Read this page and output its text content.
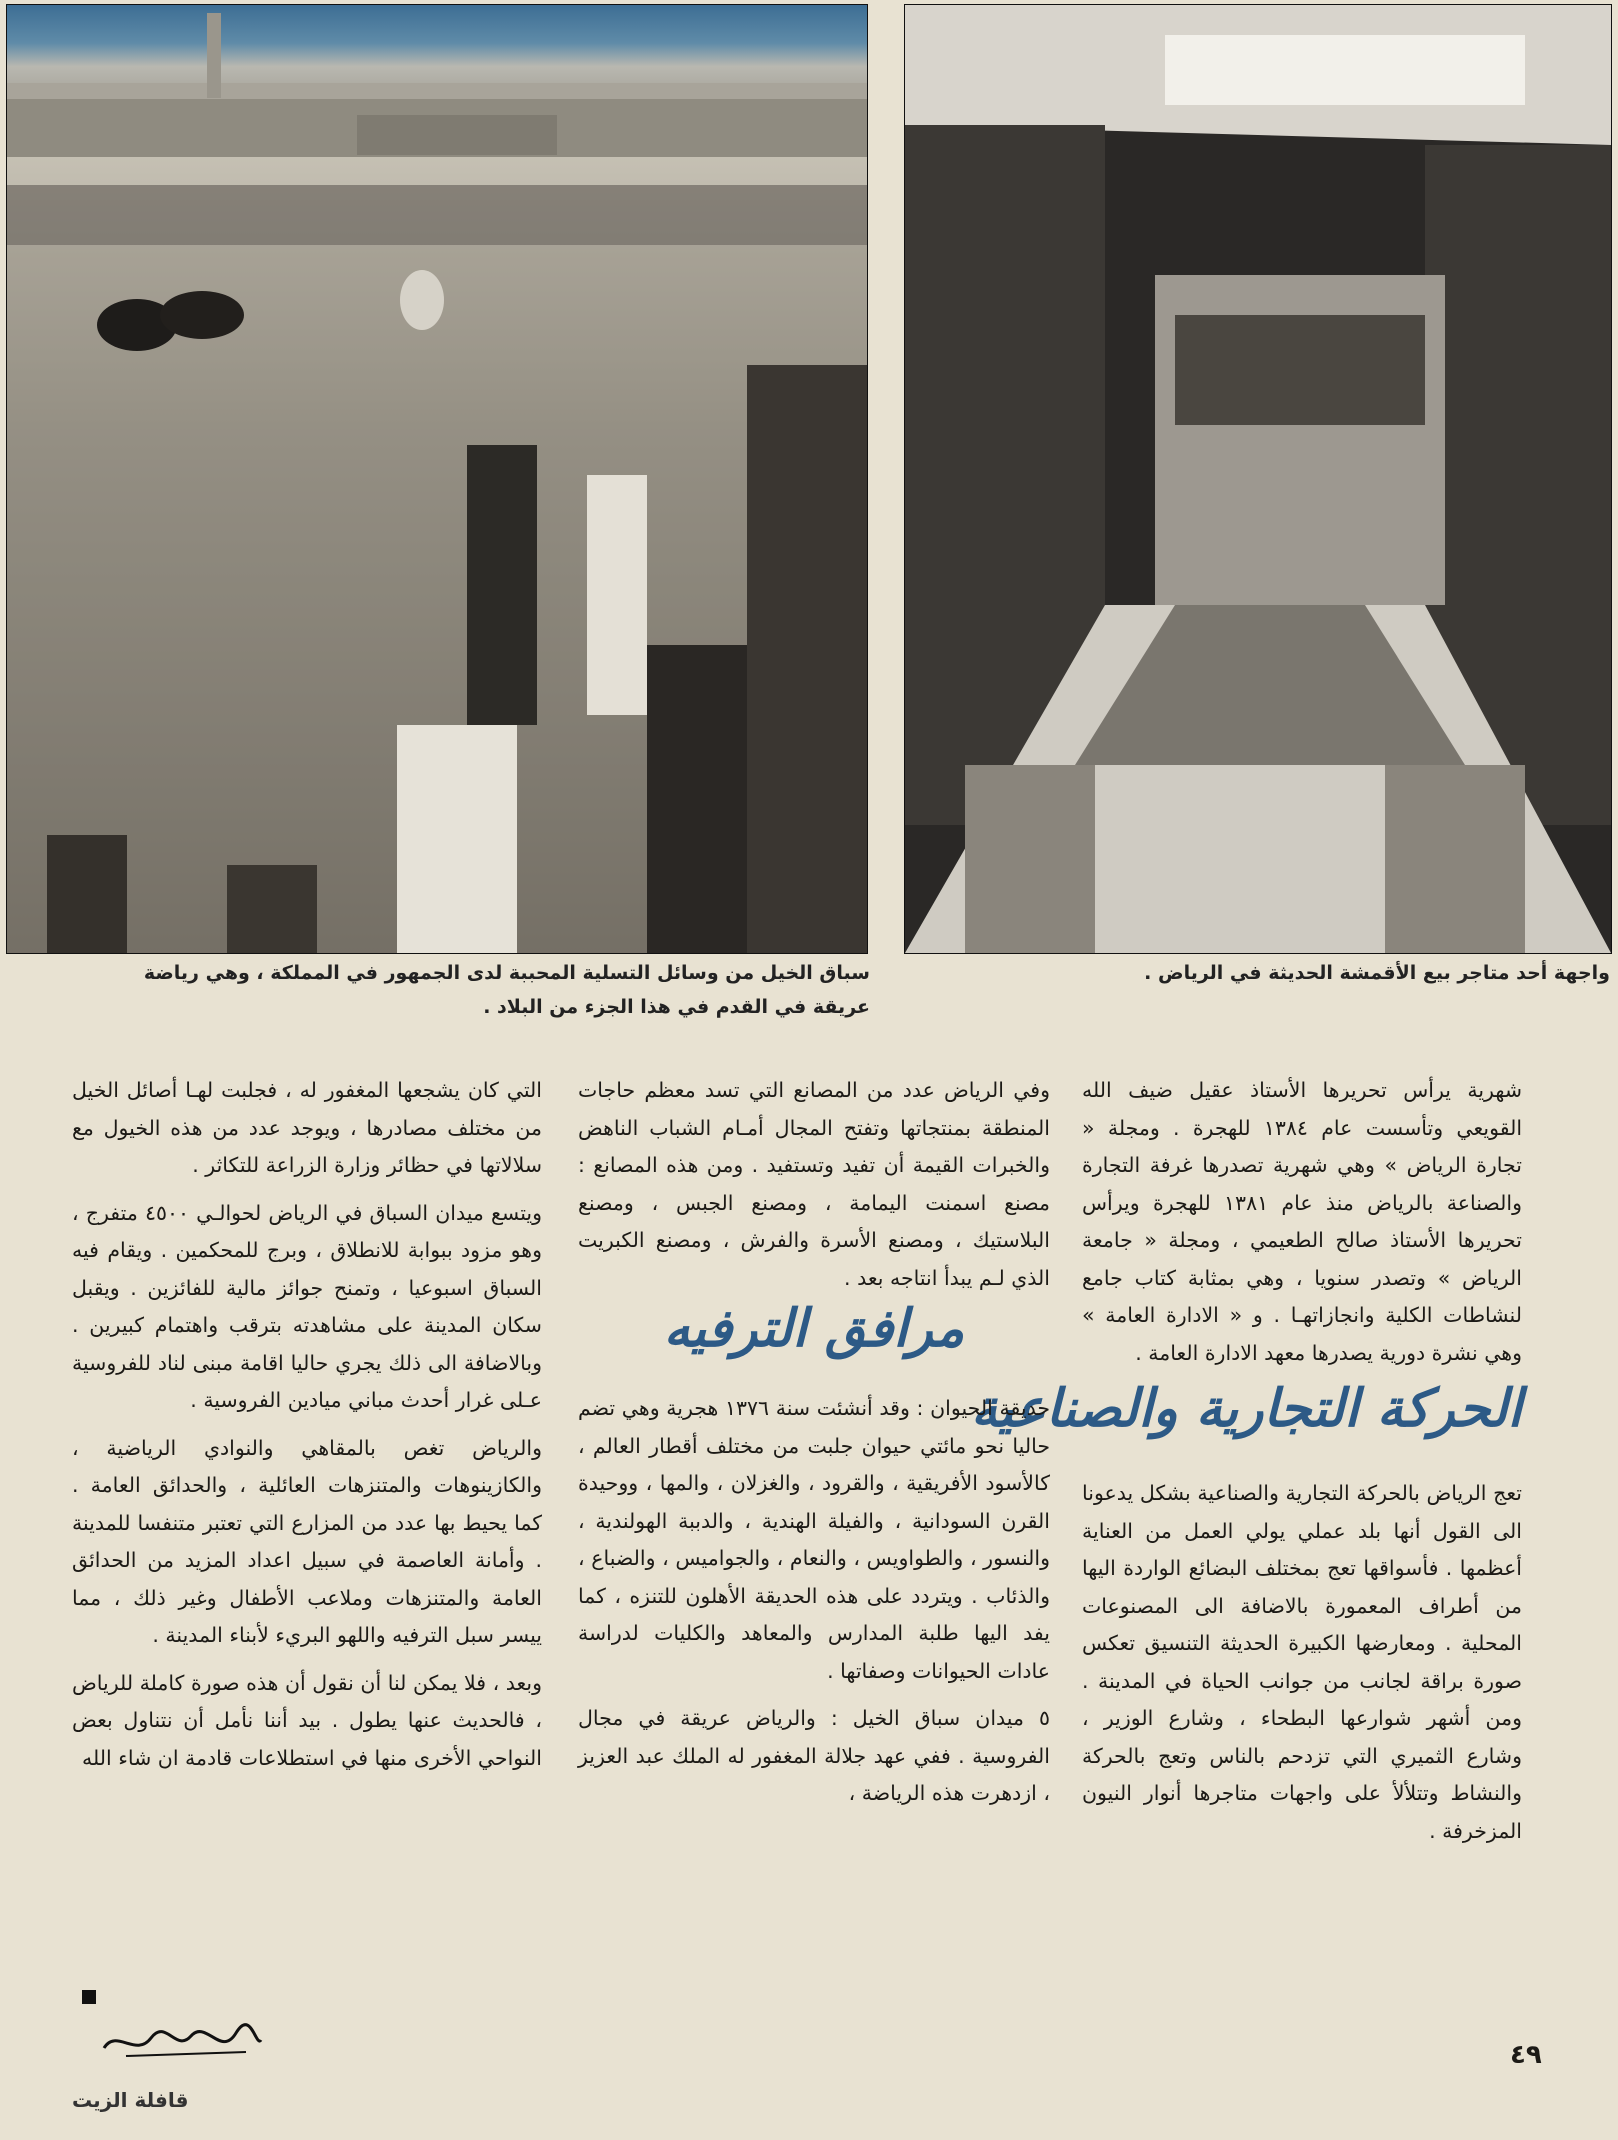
سباق الخيل من وسائل التسلية المحببة لدى الجمهور في المملكة ، وهي رياضة
عريقة في القدم في هذا الجزء من البلاد .
واجهة أحد متاجر بيع الأقمشة الحديثة في الرياض .

شهرية يرأس تحريرها الأستاذ عقيل ضيف الله القويعي وتأسست عام ١٣٨٤ للهجرة . ومجلة « تجارة الرياض » وهي شهرية تصدرها غرفة التجارة والصناعة بالرياض منذ عام ١٣٨١ للهجرة ويرأس تحريرها الأستاذ صالح الطعيمي ، ومجلة « جامعة الرياض » وتصدر سنويا ، وهي بمثابة كتاب جامع لنشاطات الكلية وانجازاتهـا . و « الادارة العامة » وهي نشرة دورية يصدرها معهد الادارة العامة .

الحركة التجارية والصناعية

تعج الرياض بالحركة التجارية والصناعية بشكل يدعونا الى القول أنها بلد عملي يولي العمل من العناية أعظمها . فأسواقها تعج بمختلف البضائع الواردة اليها من أطراف المعمورة بالاضافة الى المصنوعات المحلية . ومعارضها الكبيرة الحديثة التنسيق تعكس صورة براقة لجانب من جوانب الحياة في المدينة . ومن أشهر شوارعها البطحاء ، وشارع الوزير ، وشارع الثميري التي تزدحم بالناس وتعج بالحركة والنشاط وتتلألأ على واجهات متاجرها أنوار النيون المزخرفة .

وفي الرياض عدد من المصانع التي تسد معظم حاجات المنطقة بمنتجاتها وتفتح المجال أمـام الشباب الناهض والخبرات القيمة أن تفيد وتستفيد . ومن هذه المصانع : مصنع اسمنت اليمامة ، ومصنع الجبس ، ومصنع البلاستيك ، ومصنع الأسرة والفرش ، ومصنع الكبريت الذي لـم يبدأ انتاجه بعد .

مرافق الترفيه

حديقة الحيوان : وقد أنشئت سنة ١٣٧٦ هجرية وهي تضم حاليا نحو مائتي حيوان جلبت من مختلف أقطار العالم ، كالأسود الأفريقية ، والقرود ، والغزلان ، والمها ، ووحيدة القرن السودانية ، والفيلة الهندية ، والدببة الهولندية ، والنسور ، والطواويس ، والنعام ، والجواميس ، والضباع ، والذئاب . ويتردد على هذه الحديقة الأهلون للتنزه ، كما يفد اليها طلبة المدارس والمعاهد والكليات لدراسة عادات الحيوانات وصفاتها .

٥ ميدان سباق الخيل : والرياض عريقة في مجال الفروسية . ففي عهد جلالة المغفور له الملك عبد العزيز ، ازدهرت هذه الرياضة ،

التي كان يشجعها المغفور له ، فجلبت لهـا أصائل الخيل من مختلف مصادرها ، ويوجد عدد من هذه الخيول مع سلالاتها في حظائر وزارة الزراعة للتكاثر .

ويتسع ميدان السباق في الرياض لحوالـي ٤٥٠٠ متفرج ، وهو مزود ببوابة للانطلاق ، وبرج للمحكمين . ويقام فيه السباق اسبوعيا ، وتمنح جوائز مالية للفائزين . ويقبل سكان المدينة على مشاهدته بترقب واهتمام كبيرين . وبالاضافة الى ذلك يجري حاليا اقامة مبنى لناد للفروسية عـلى غرار أحدث مباني ميادين الفروسية .

والرياض تغص بالمقاهي والنوادي الرياضية ، والكازينوهات والمتنزهات العائلية ، والحدائق العامة . كما يحيط بها عدد من المزارع التي تعتبر متنفسا للمدينة . وأمانة العاصمة في سبيل اعداد المزيد من الحدائق العامة والمتنزهات وملاعب الأطفال وغير ذلك ، مما ييسر سبل الترفيه واللهو البريء لأبناء المدينة .

وبعد ، فلا يمكن لنا أن نقول أن هذه صورة كاملة للرياض ، فالحديث عنها يطول . بيد أننا نأمل أن نتناول بعض النواحي الأخرى منها في استطلاعات قادمة ان شاء الله

٤٩
قافلة الزيت
